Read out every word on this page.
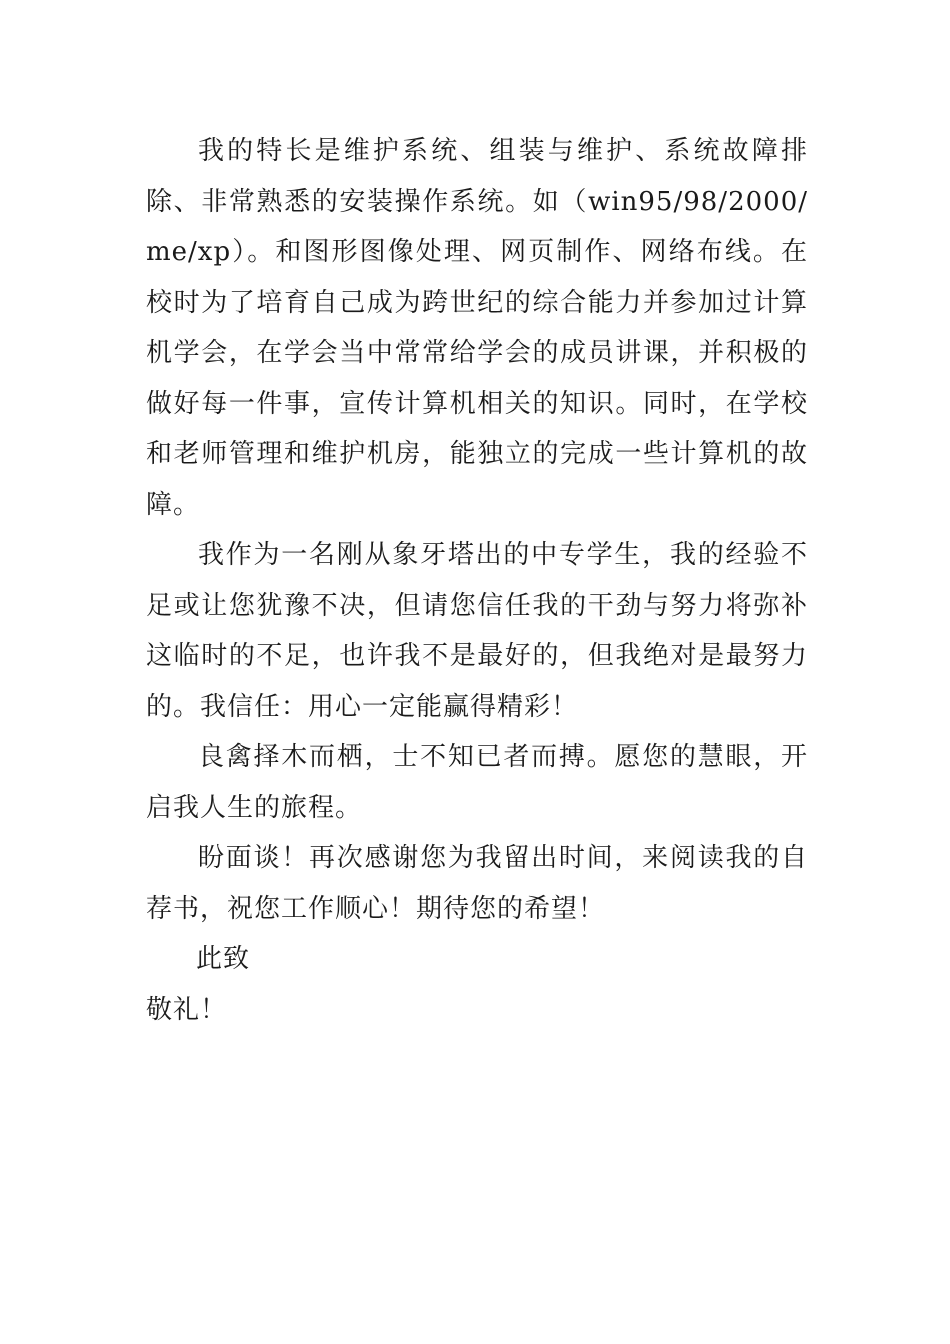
我的特长是维护系统、组装与维护、系统故障排除、非常熟悉的安装操作系统。如（win95/98/2000/me/xp）。和图形图像处理、网页制作、网络布线。在校时为了培育自己成为跨世纪的综合能力并参加过计算机学会，在学会当中常常给学会的成员讲课，并积极的做好每一件事，宣传计算机相关的知识。同时，在学校和老师管理和维护机房，能独立的完成一些计算机的故障。

我作为一名刚从象牙塔出的中专学生，我的经验不足或让您犹豫不决，但请您信任我的干劲与努力将弥补这临时的不足，也许我不是最好的，但我绝对是最努力的。我信任：用心一定能赢得精彩！

良禽择木而栖，士不知已者而搏。愿您的慧眼，开启我人生的旅程。

盼面谈！再次感谢您为我留出时间，来阅读我的自荐书，祝您工作顺心！期待您的希望！

此致

敬礼！
